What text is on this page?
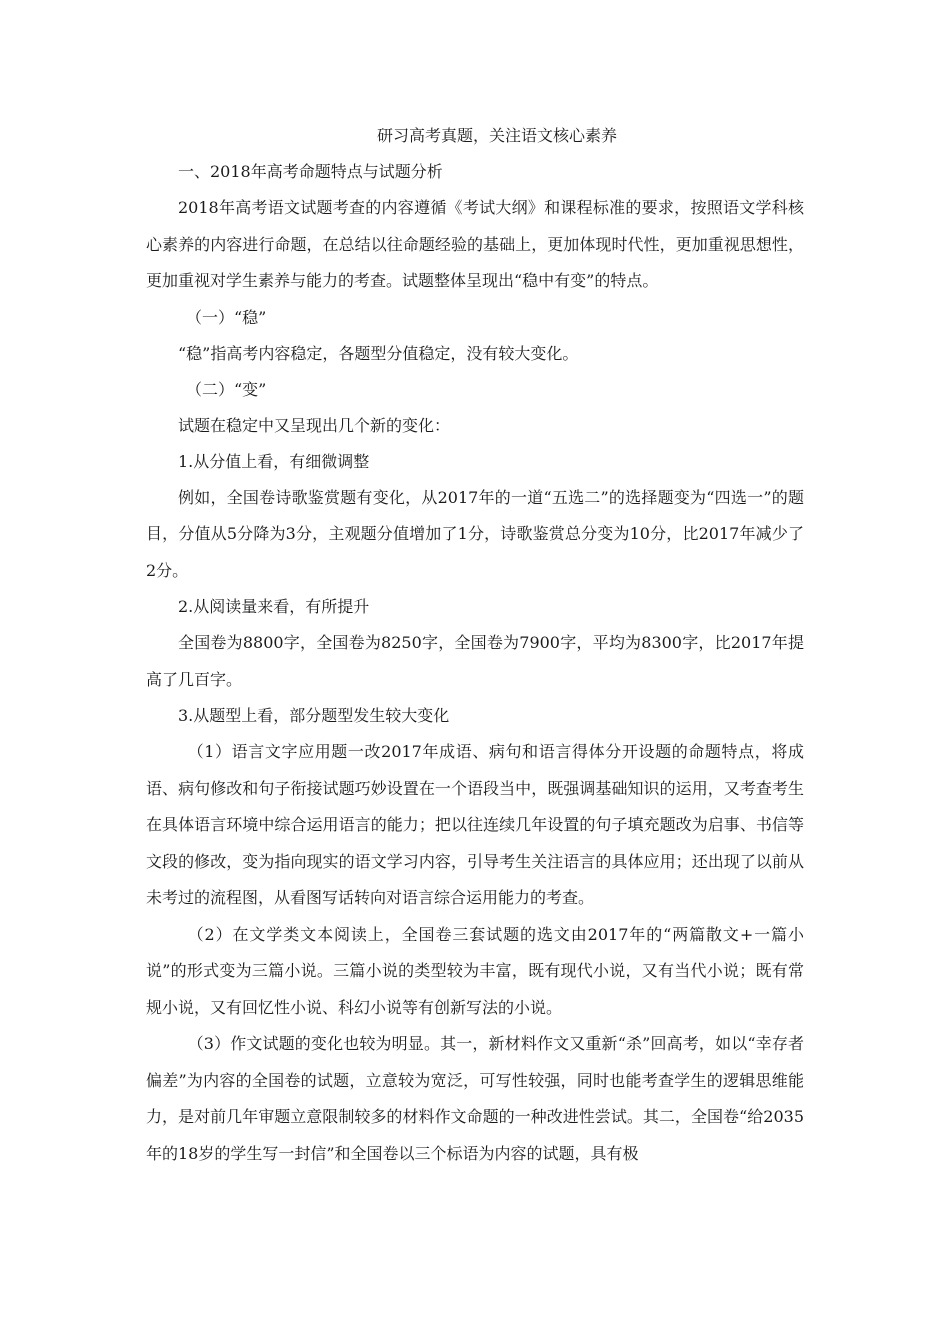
研习高考真题，关注语文核心素养

一、2018年高考命题特点与试题分析

2018年高考语文试题考查的内容遵循《考试大纲》和课程标准的要求，按照语文学科核心素养的内容进行命题，在总结以往命题经验的基础上，更加体现时代性，更加重视思想性，更加重视对学生素养与能力的考查。试题整体呈现出“稳中有变”的特点。

（一）“稳”

“稳”指高考内容稳定，各题型分值稳定，没有较大变化。

（二）“变”

试题在稳定中又呈现出几个新的变化：

1.从分值上看，有细微调整

例如，全国卷诗歌鉴赏题有变化，从2017年的一道“五选二”的选择题变为“四选一”的题目，分值从5分降为3分，主观题分值增加了1分，诗歌鉴赏总分变为10分，比2017年减少了2分。

2.从阅读量来看，有所提升

全国卷为8800字，全国卷为8250字，全国卷为7900字，平均为8300字，比2017年提高了几百字。

3.从题型上看，部分题型发生较大变化

（1）语言文字应用题一改2017年成语、病句和语言得体分开设题的命题特点，将成语、病句修改和句子衔接试题巧妙设置在一个语段当中，既强调基础知识的运用，又考查考生在具体语言环境中综合运用语言的能力；把以往连续几年设置的句子填充题改为启事、书信等文段的修改，变为指向现实的语文学习内容，引导考生关注语言的具体应用；还出现了以前从未考过的流程图，从看图写话转向对语言综合运用能力的考查。

（2）在文学类文本阅读上，全国卷三套试题的选文由2017年的“两篇散文+一篇小说”的形式变为三篇小说。三篇小说的类型较为丰富，既有现代小说，又有当代小说；既有常规小说，又有回忆性小说、科幻小说等有创新写法的小说。

（3）作文试题的变化也较为明显。其一，新材料作文又重新“杀”回高考，如以“幸存者偏差”为内容的全国卷的试题，立意较为宽泛，可写性较强，同时也能考查学生的逻辑思维能力，是对前几年审题立意限制较多的材料作文命题的一种改进性尝试。其二，全国卷“给2035年的18岁的学生写一封信”和全国卷以三个标语为内容的试题，具有极
